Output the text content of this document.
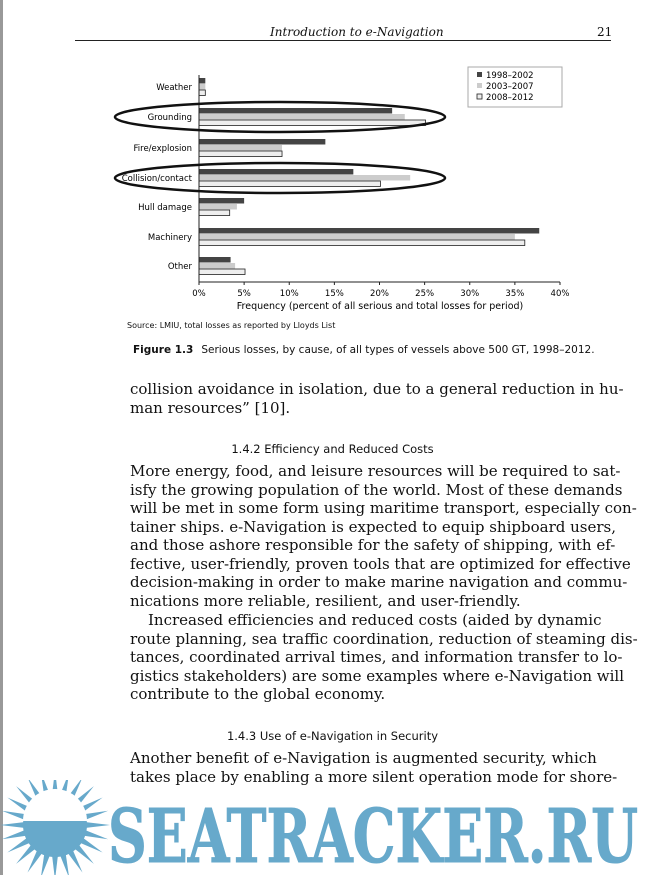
Introduction to e-Navigation	21
Weather
Grounding
Fire/explosion
Collision/contact
Hull damage
Machinery
Other
0%	5%	10%	15%	20%	25%	30%	35%	40%
Frequency (percent of all serious and total losses for period)
1998–2002
2003–2007
2008–2012
Source: LMIU, total losses as reported by Lloyds List
Figure 1.3 Serious losses, by cause, of all types of vessels above 500 GT, 1998–2012.
collision avoidance in isolation, due to a general reduction in hu-
man resources” [10].
1.4.2 Efficiency and Reduced Costs
More energy, food, and leisure resources will be required to sat-
isfy the growing population of the world. Most of these demands
will be met in some form using maritime transport, especially con-
tainer ships. e-Navigation is expected to equip shipboard users,
and those ashore responsible for the safety of shipping, with ef-
fective, user-friendly, proven tools that are optimized for effective
decision-making in order to make marine navigation and commu-
nications more reliable, resilient, and user-friendly.
Increased efficiencies and reduced costs (aided by dynamic
route planning, sea traffic coordination, reduction of steaming dis-
tances, coordinated arrival times, and information transfer to lo-
gistics stakeholders) are some examples where e-Navigation will
contribute to the global economy.
1.4.3 Use of e-Navigation in Security
Another benefit of e-Navigation is augmented security, which
takes place by enabling a more silent operation mode for shore-
SEATRACKER.RU
